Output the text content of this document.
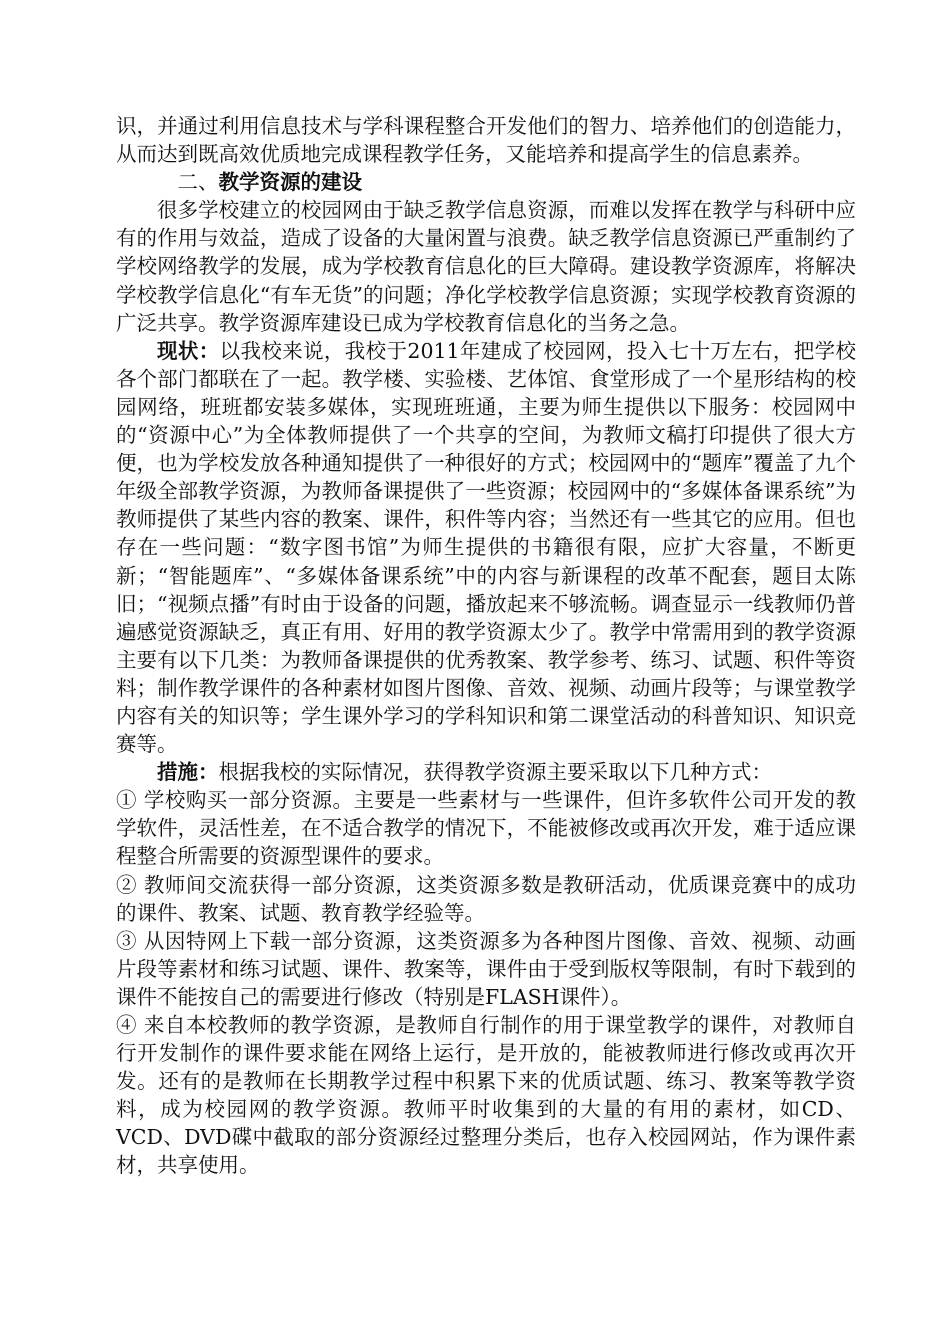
识，并通过利用信息技术与学科课程整合开发他们的智力、培养他们的创造能力，从而达到既高效优质地完成课程教学任务，又能培养和提高学生的信息素养。

二、教学资源的建设

很多学校建立的校园网由于缺乏教学信息资源，而难以发挥在教学与科研中应有的作用与效益，造成了设备的大量闲置与浪费。缺乏教学信息资源已严重制约了学校网络教学的发展，成为学校教育信息化的巨大障碍。建设教学资源库，将解决学校教学信息化“有车无货”的问题；净化学校教学信息资源；实现学校教育资源的广泛共享。教学资源库建设已成为学校教育信息化的当务之急。

现状：以我校来说，我校于2011年建成了校园网，投入七十万左右，把学校各个部门都联在了一起。教学楼、实验楼、艺体馆、食堂形成了一个星形结构的校园网络，班班都安装多媒体，实现班班通，主要为师生提供以下服务：校园网中的“资源中心”为全体教师提供了一个共享的空间，为教师文稿打印提供了很大方便，也为学校发放各种通知提供了一种很好的方式；校园网中的“题库”覆盖了九个年级全部教学资源，为教师备课提供了一些资源；校园网中的“多媒体备课系统”为教师提供了某些内容的教案、课件，积件等内容；当然还有一些其它的应用。但也存在一些问题：“数字图书馆”为师生提供的书籍很有限，应扩大容量，不断更新；“智能题库”、“多媒体备课系统”中的内容与新课程的改革不配套，题目太陈旧；“视频点播”有时由于设备的问题，播放起来不够流畅。调查显示一线教师仍普遍感觉资源缺乏，真正有用、好用的教学资源太少了。教学中常需用到的教学资源主要有以下几类：为教师备课提供的优秀教案、教学参考、练习、试题、积件等资料；制作教学课件的各种素材如图片图像、音效、视频、动画片段等；与课堂教学内容有关的知识等；学生课外学习的学科知识和第二课堂活动的科普知识、知识竞赛等。

措施：根据我校的实际情况，获得教学资源主要采取以下几种方式：

① 学校购买一部分资源。主要是一些素材与一些课件，但许多软件公司开发的教学软件，灵活性差，在不适合教学的情况下，不能被修改或再次开发，难于适应课程整合所需要的资源型课件的要求。

② 教师间交流获得一部分资源，这类资源多数是教研活动，优质课竞赛中的成功的课件、教案、试题、教育教学经验等。

③ 从因特网上下载一部分资源，这类资源多为各种图片图像、音效、视频、动画片段等素材和练习试题、课件、教案等，课件由于受到版权等限制，有时下载到的课件不能按自己的需要进行修改（特别是FLASH课件）。

④ 来自本校教师的教学资源，是教师自行制作的用于课堂教学的课件，对教师自行开发制作的课件要求能在网络上运行，是开放的，能被教师进行修改或再次开发。还有的是教师在长期教学过程中积累下来的优质试题、练习、教案等教学资料，成为校园网的教学资源。教师平时收集到的大量的有用的素材，如CD、VCD、DVD碟中截取的部分资源经过整理分类后，也存入校园网站，作为课件素材，共享使用。
